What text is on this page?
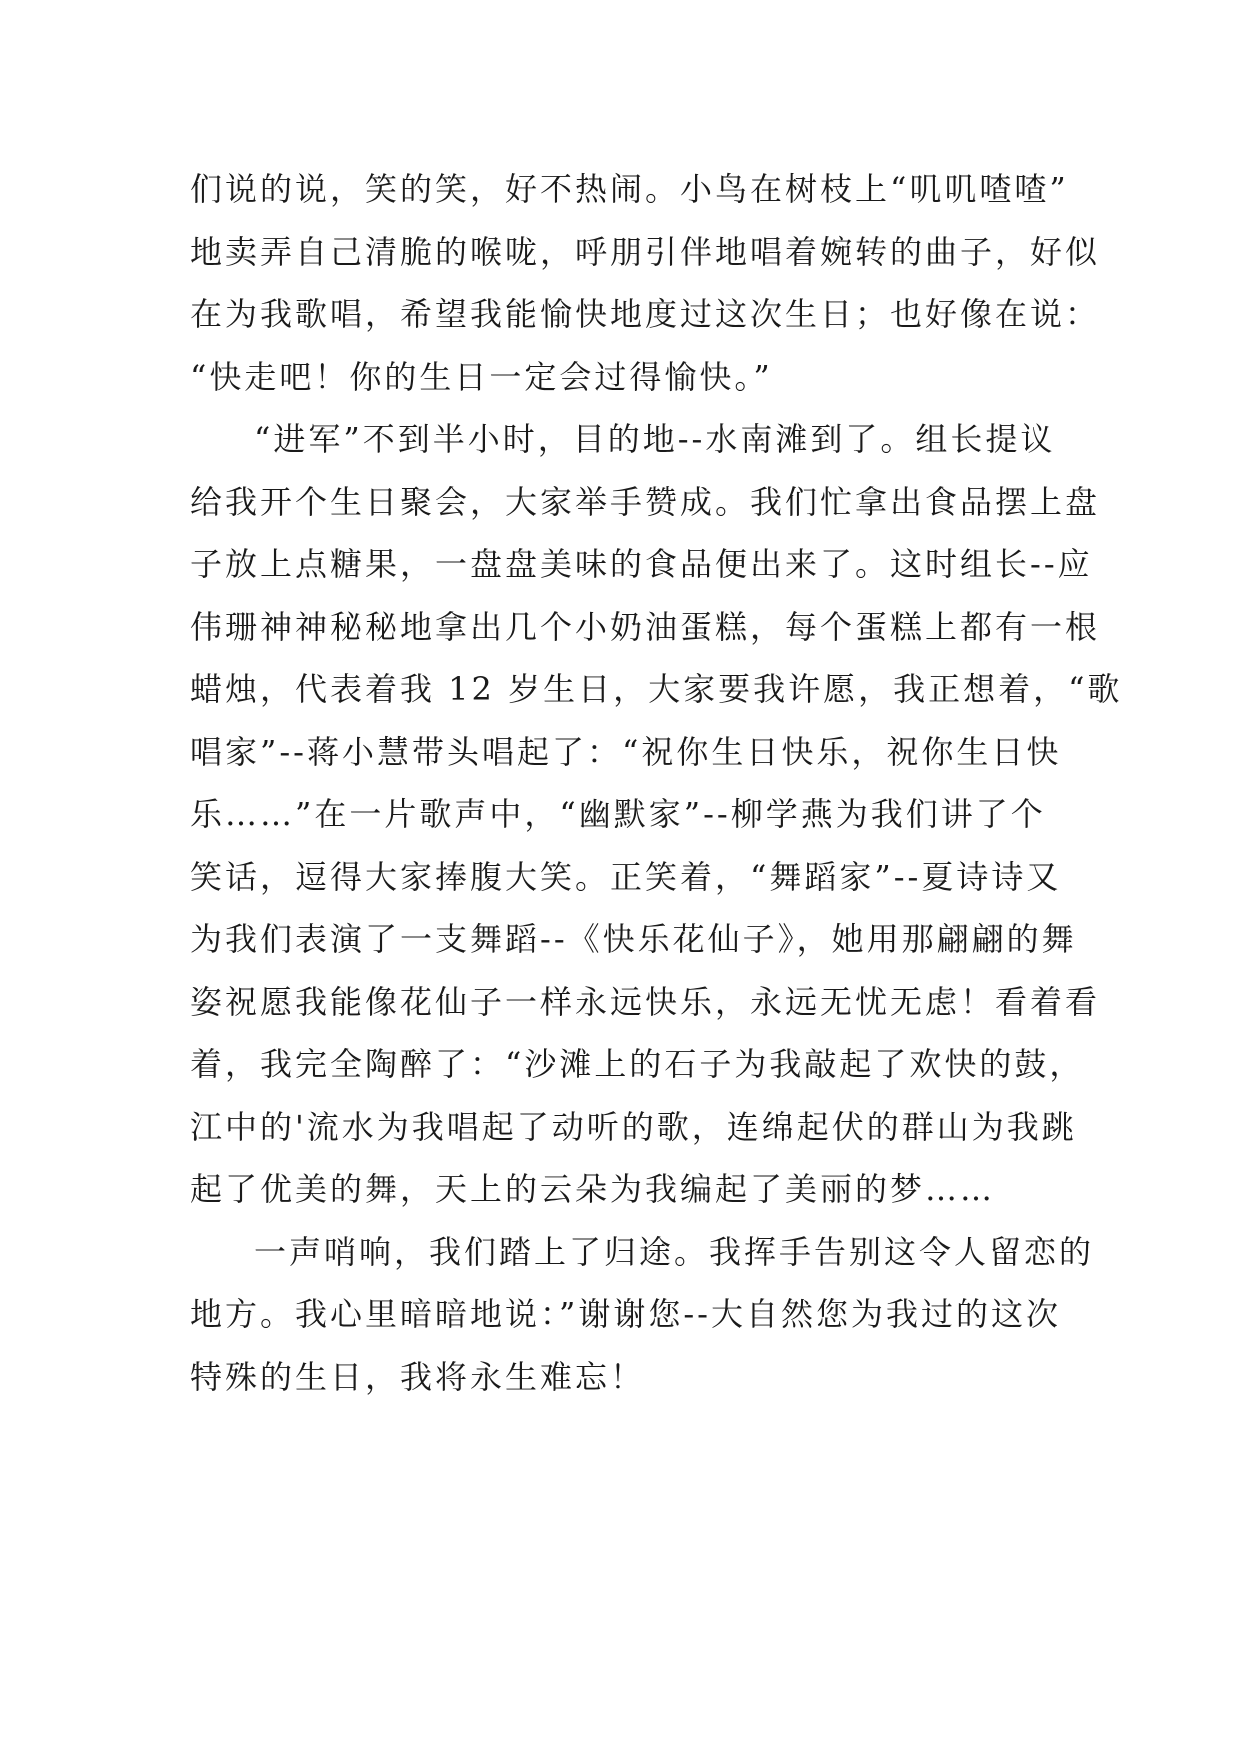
们说的说，笑的笑，好不热闹。小鸟在树枝上“叽叽喳喳”
地卖弄自己清脆的喉咙，呼朋引伴地唱着婉转的曲子，好似
在为我歌唱，希望我能愉快地度过这次生日；也好像在说：
“快走吧！你的生日一定会过得愉快。”
“进军”不到半小时，目的地--水南滩到了。组长提议
给我开个生日聚会，大家举手赞成。我们忙拿出食品摆上盘
子放上点糖果，一盘盘美味的食品便出来了。这时组长--应
伟珊神神秘秘地拿出几个小奶油蛋糕，每个蛋糕上都有一根
蜡烛，代表着我 12 岁生日，大家要我许愿，我正想着，“歌
唱家”--蒋小慧带头唱起了：“祝你生日快乐，祝你生日快
乐……”在一片歌声中，“幽默家”--柳学燕为我们讲了个
笑话，逗得大家捧腹大笑。正笑着，“舞蹈家”--夏诗诗又
为我们表演了一支舞蹈--《快乐花仙子》，她用那翩翩的舞
姿祝愿我能像花仙子一样永远快乐，永远无忧无虑！看着看
着，我完全陶醉了：“沙滩上的石子为我敲起了欢快的鼓，
江中的'流水为我唱起了动听的歌，连绵起伏的群山为我跳
起了优美的舞，天上的云朵为我编起了美丽的梦……
一声哨响，我们踏上了归途。我挥手告别这令人留恋的
地方。我心里暗暗地说：”谢谢您--大自然您为我过的这次
特殊的生日，我将永生难忘！
